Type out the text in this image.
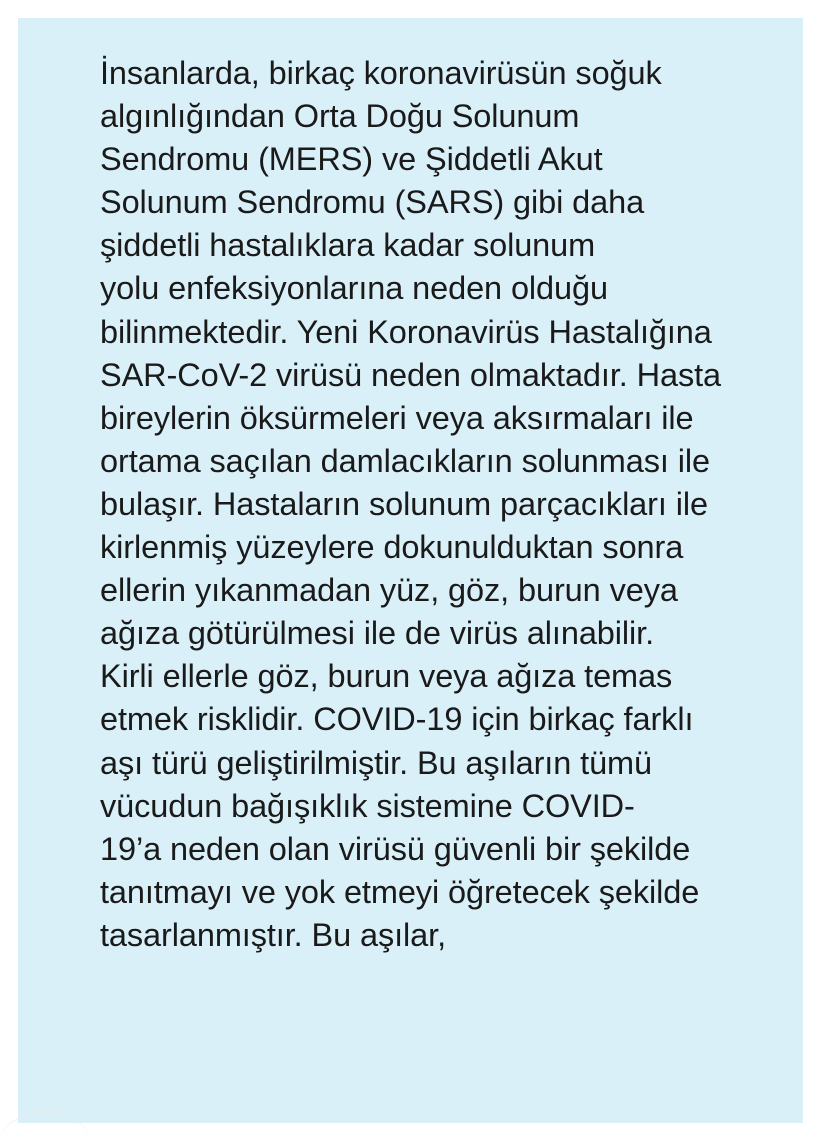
İnsanlarda, birkaç koronavirüsün soğuk
algınlığından Orta Doğu Solunum
Sendromu (MERS) ve Şiddetli Akut
Solunum Sendromu (SARS) gibi daha
şiddetli hastalıklara kadar solunum
yolu enfeksiyonlarına neden olduğu
bilinmektedir. Yeni Koronavirüs Hastalığına
SAR-CoV-2 virüsü neden olmaktadır. Hasta
bireylerin öksürmeleri veya aksırmaları ile
ortama saçılan damlacıkların solunması ile
bulaşır. Hastaların solunum parçacıkları ile
kirlenmiş yüzeylere dokunulduktan sonra
ellerin yıkanmadan yüz, göz, burun veya
ağıza götürülmesi ile de virüs alınabilir.
Kirli ellerle göz, burun veya ağıza temas
etmek risklidir. COVID-19 için birkaç farklı
aşı türü geliştirilmiştir. Bu aşıların tümü
vücudun bağışıklık sistemine COVID-
19’a neden olan virüsü güvenli bir şekilde
tanıtmayı ve yok etmeyi öğretecek şekilde
tasarlanmıştır. Bu aşılar,
